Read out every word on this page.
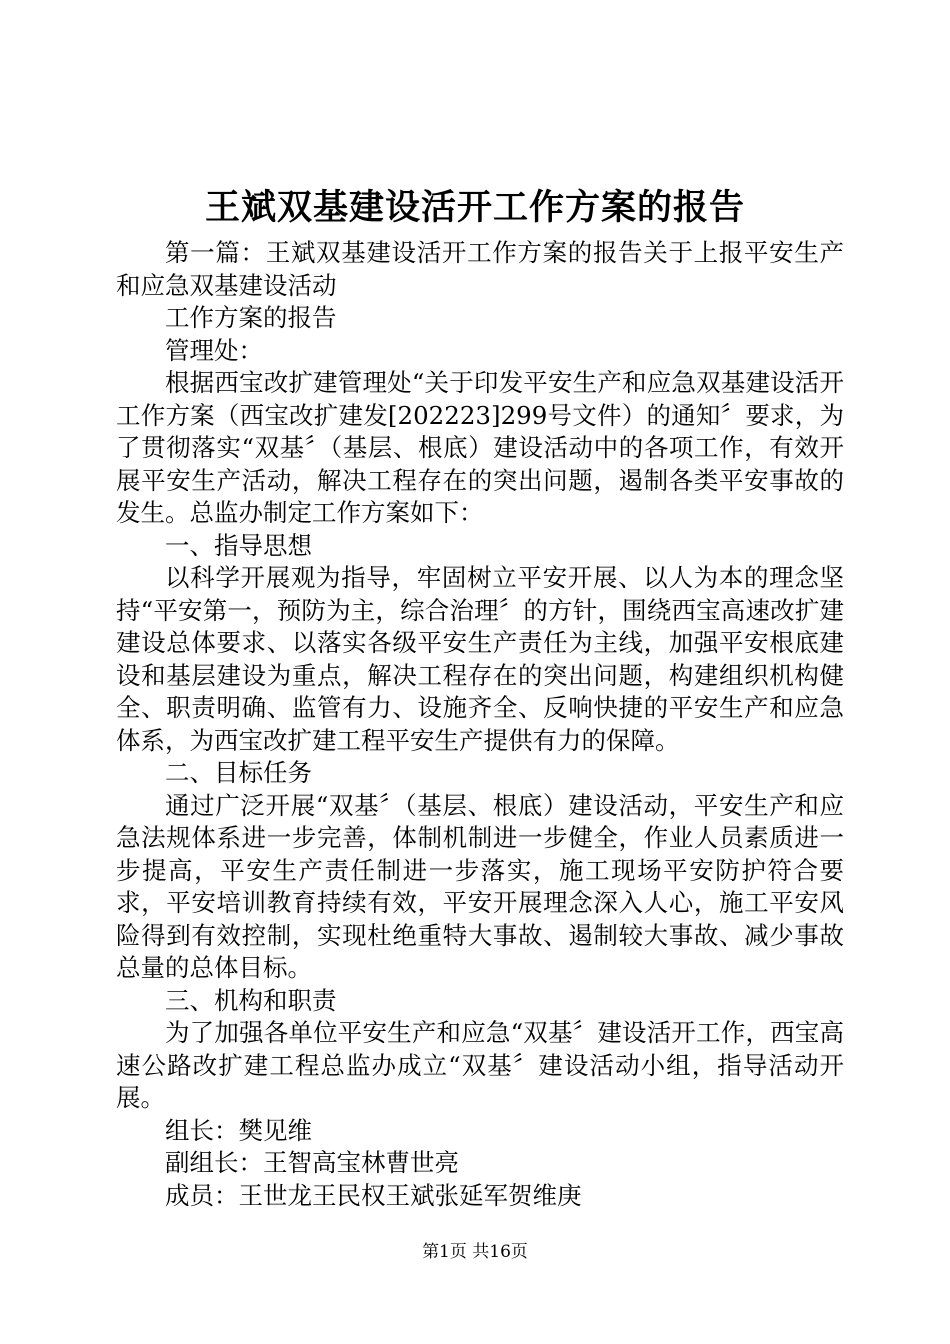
王斌双基建设活开工作方案的报告

第一篇：王斌双基建设活开工作方案的报告关于上报平安生产和应急双基建设活动

工作方案的报告

管理处：

根据西宝改扩建管理处“关于印发平安生产和应急双基建设活开工作方案（西宝改扩建发[202223]299号文件）的通知〞要求，为了贯彻落实“双基〞（基层、根底）建设活动中的各项工作，有效开展平安生产活动，解决工程存在的突出问题，遏制各类平安事故的发生。总监办制定工作方案如下：

一、指导思想

以科学开展观为指导，牢固树立平安开展、以人为本的理念坚持“平安第一，预防为主，综合治理〞的方针，围绕西宝高速改扩建建设总体要求、以落实各级平安生产责任为主线，加强平安根底建设和基层建设为重点，解决工程存在的突出问题，构建组织机构健全、职责明确、监管有力、设施齐全、反响快捷的平安生产和应急体系，为西宝改扩建工程平安生产提供有力的保障。

二、目标任务

通过广泛开展“双基〞（基层、根底）建设活动，平安生产和应急法规体系进一步完善，体制机制进一步健全，作业人员素质进一步提高，平安生产责任制进一步落实，施工现场平安防护符合要求，平安培训教育持续有效，平安开展理念深入人心，施工平安风险得到有效控制，实现杜绝重特大事故、遏制较大事故、减少事故总量的总体目标。

三、机构和职责

为了加强各单位平安生产和应急“双基〞建设活开工作，西宝高速公路改扩建工程总监办成立“双基〞建设活动小组，指导活动开展。

组长：樊见维

副组长：王智高宝林曹世亮

成员：王世龙王民权王斌张延军贺维庚

第1页 共16页
